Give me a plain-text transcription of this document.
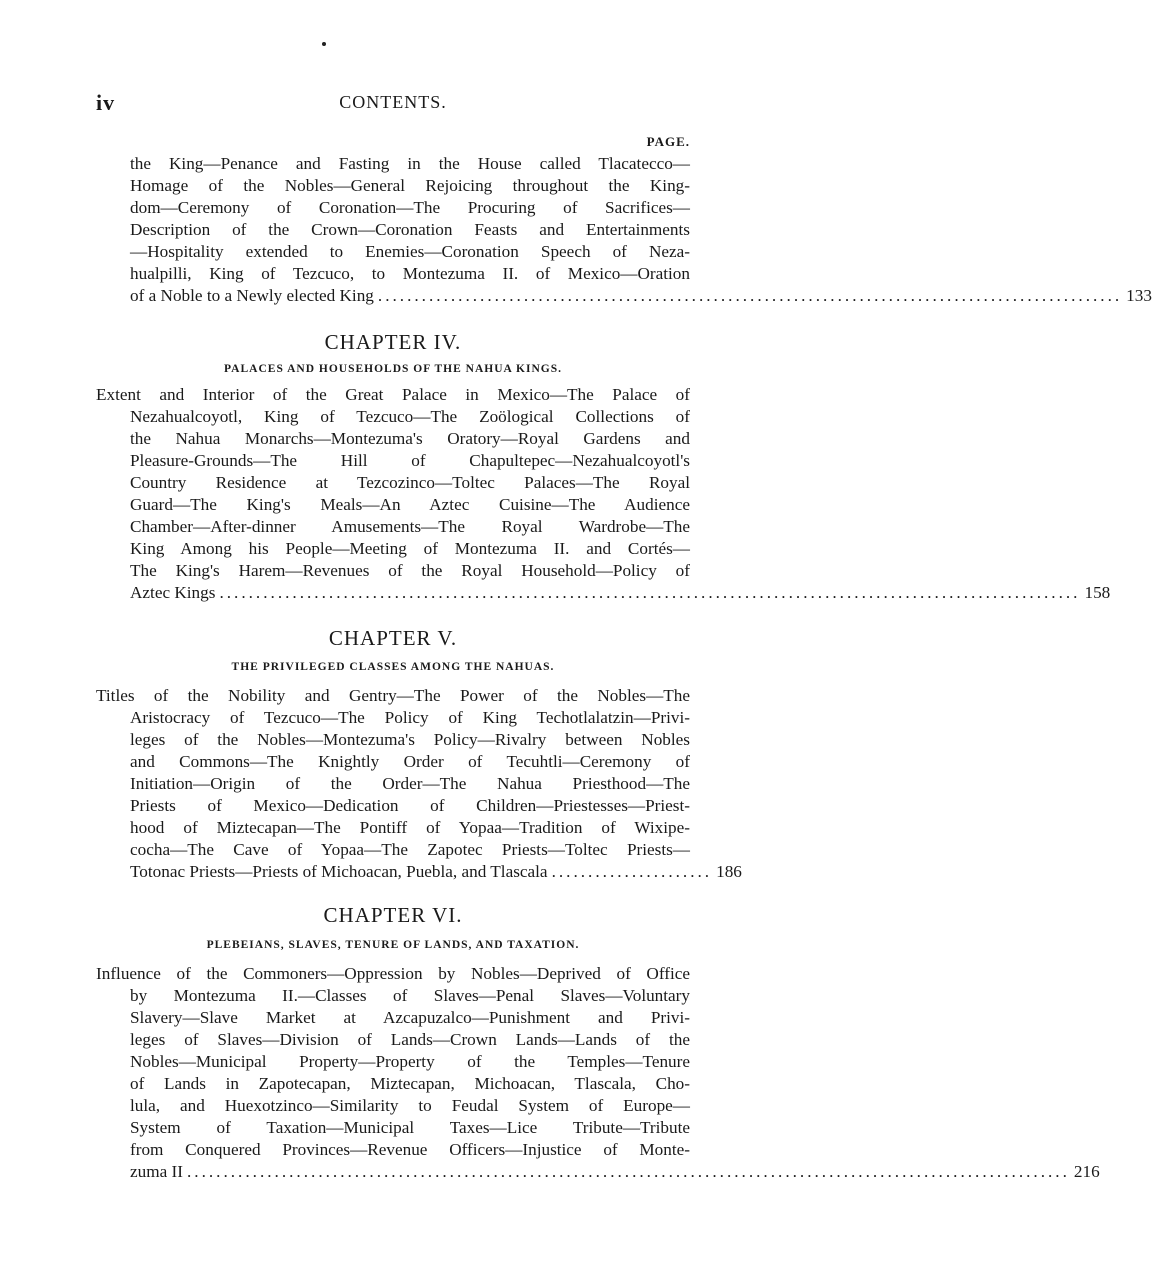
iv	CONTENTS.
PAGE.
the King—Penance and Fasting in the House called Tlacatecco—
Homage of the Nobles—General Rejoicing throughout the King-
dom—Ceremony of Coronation—The Procuring of Sacrifices—
Description of the Crown—Coronation Feasts and Entertainments
—Hospitality extended to Enemies—Coronation Speech of Neza-
hualpilli, King of Tezcuco, to Montezuma II. of Mexico—Oration
of a Noble to a Newly elected King ...................................................................................................... 133
CHAPTER IV.
PALACES AND HOUSEHOLDS OF THE NAHUA KINGS.
Extent and Interior of the Great Palace in Mexico—The Palace of
Nezahualcoyotl, King of Tezcuco—The Zoölogical Collections of
the Nahua Monarchs—Montezuma's Oratory—Royal Gardens and
Pleasure-Grounds—The Hill of Chapultepec—Nezahualcoyotl's
Country Residence at Tezcozinco—Toltec Palaces—The Royal
Guard—The King's Meals—An Aztec Cuisine—The Audience
Chamber—After-dinner Amusements—The Royal Wardrobe—The
King Among his People—Meeting of Montezuma II. and Cortés—
The King's Harem—Revenues of the Royal Household—Policy of
Aztec Kings ...................................................................................................................... 158
CHAPTER V.
THE PRIVILEGED CLASSES AMONG THE NAHUAS.
Titles of the Nobility and Gentry—The Power of the Nobles—The
Aristocracy of Tezcuco—The Policy of King Techotlalatzin—Privi-
leges of the Nobles—Montezuma's Policy—Rivalry between Nobles
and Commons—The Knightly Order of Tecuhtli—Ceremony of
Initiation—Origin of the Order—The Nahua Priesthood—The
Priests of Mexico—Dedication of Children—Priestesses—Priest-
hood of Miztecapan—The Pontiff of Yopaa—Tradition of Wixipe-
cocha—The Cave of Yopaa—The Zapotec Priests—Toltec Priests—
Totonac Priests—Priests of Michoacan, Puebla, and Tlascala ...................... 186
CHAPTER VI.
PLEBEIANS, SLAVES, TENURE OF LANDS, AND TAXATION.
Influence of the Commoners—Oppression by Nobles—Deprived of Office
by Montezuma II.—Classes of Slaves—Penal Slaves—Voluntary
Slavery—Slave Market at Azcapuzalco—Punishment and Privi-
leges of Slaves—Division of Lands—Crown Lands—Lands of the
Nobles—Municipal Property—Property of the Temples—Tenure
of Lands in Zapotecapan, Miztecapan, Michoacan, Tlascala, Cho-
lula, and Huexotzinco—Similarity to Feudal System of Europe—
System of Taxation—Municipal Taxes—Lice Tribute—Tribute
from Conquered Provinces—Revenue Officers—Injustice of Monte-
zuma II ......................................................................................................................... 216
